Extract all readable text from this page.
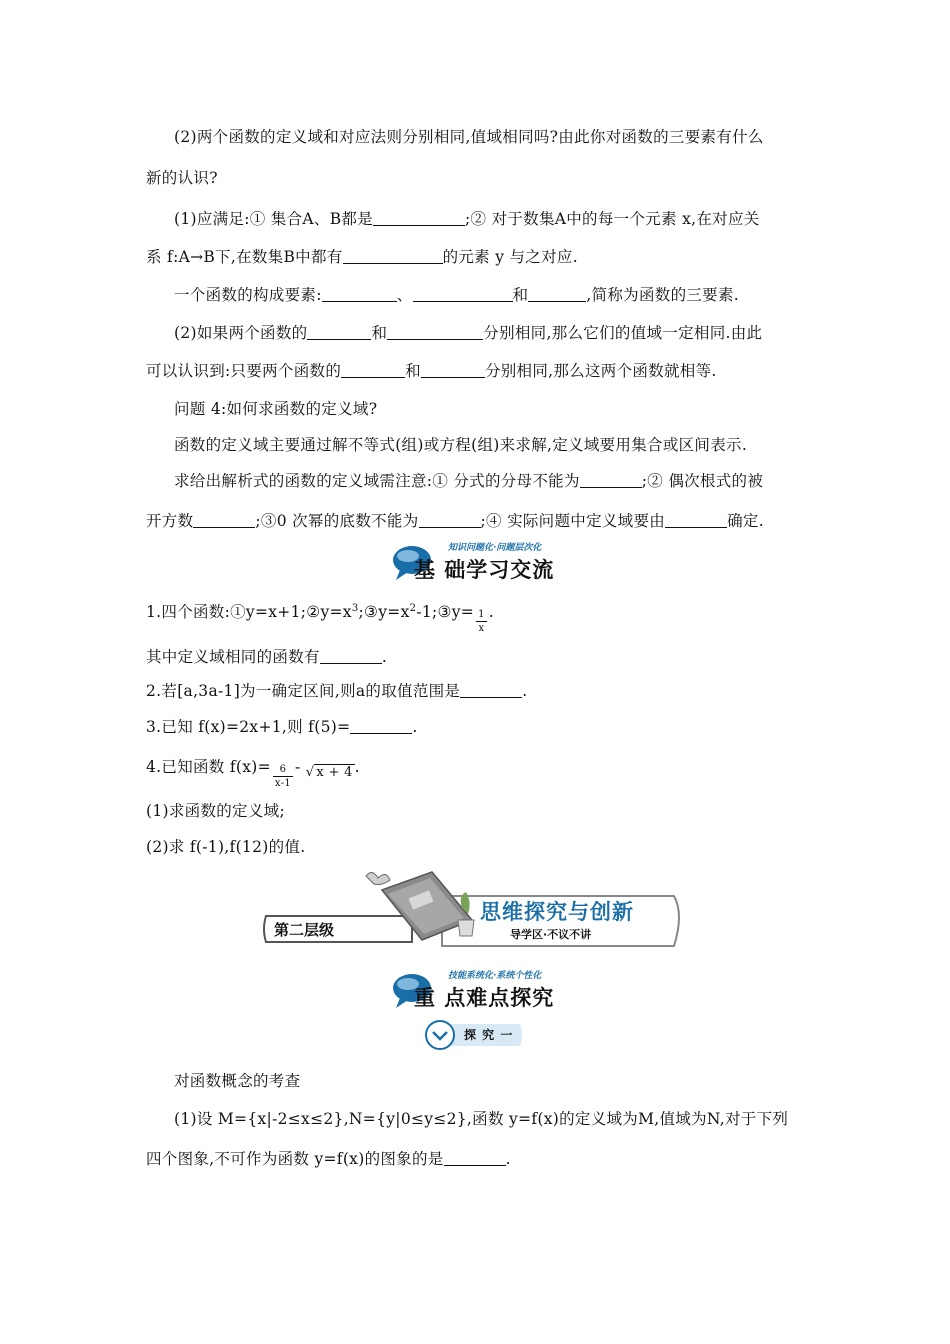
(2)两个函数的定义域和对应法则分别相同,值域相同吗?由此你对函数的三要素有什么
新的认识?
(1)应满足:① 集合A、B都是	;② 对于数集A中的每一个元素 x,在对应关
系 f:A→B下,在数集B中都有	的元素 y 与之对应.
一个函数的构成要素:	、	和	,简称为函数的三要素.
(2)如果两个函数的	和	分别相同,那么它们的值域一定相同.由此
可以认识到:只要两个函数的	和	分别相同,那么这两个函数就相等.
问题 4:如何求函数的定义域?
函数的定义域主要通过解不等式(组)或方程(组)来求解,定义域要用集合或区间表示.
求给出解析式的函数的定义域需注意:① 分式的分母不能为	;② 偶次根式的被
开方数	;③0 次幂的底数不能为	;④ 实际问题中定义域要由	确定.
知识问题化·问题层次化
基 础学习交流
1.四个函数$:①y=x+1;②y=x^3;③y=x^2-1;③y= \frac{1}{x}$ .
其中定义域相同的函数有	.
2.若[a,3a-1]为一确定区间,则a的取值范围是	.
3.已知 f(x)=2x+1,则 f(5)=	.
4.已知函数 $f(x)= \frac{6}{x-1}$ - √ x + 4 .
(1)求函数的定义域;
(2)求 f(-1),f(12)的值.
第二层级
思维探究与创新
导学区·不议不讲
技能系统化·系统个性化
重 点难点探究
探 究 一
对函数概念的考查
(1)设 M={x|-2≤x≤2},N={y|0≤y≤2},函数 y=f(x)的定义域为M,值域为N,对于下列
四个图象,不可作为函数 y=f(x)的图象的是	.
